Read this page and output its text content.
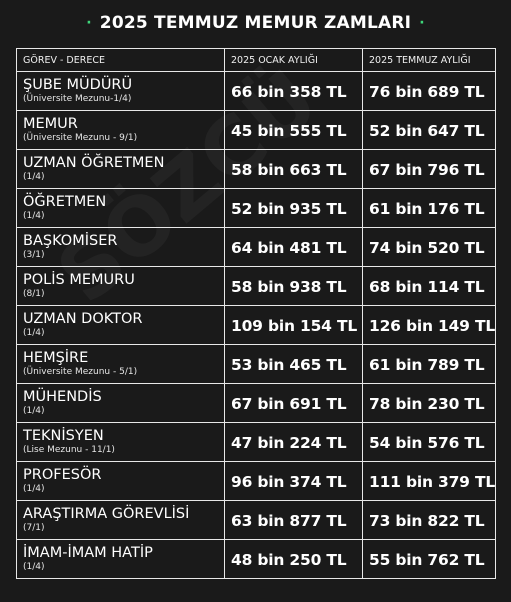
· 2025 TEMMUZ MEMUR ZAMLARI ·
GÖREV - DERECE	2025 OCAK AYLIĞI	2025 TEMMUZ AYLIĞI

ŞUBE MÜDÜRÜ
(Üniversite Mezunu-1/4)	66 bin 358 TL	76 bin 689 TL

MEMUR
(Üniversite Mezunu - 9/1)	45 bin 555 TL	52 bin 647 TL

UZMAN ÖĞRETMEN
(1/4)	58 bin 663 TL	67 bin 796 TL

ÖĞRETMEN
(1/4)	52 bin 935 TL	61 bin 176 TL

BAŞKOMİSER
(3/1)	64 bin 481 TL	74 bin 520 TL

POLİS MEMURU
(8/1)	58 bin 938 TL	68 bin 114 TL

UZMAN DOKTOR
(1/4)	109 bin 154 TL	126 bin 149 TL

HEMŞİRE
(Üniversite Mezunu - 5/1)	53 bin 465 TL	61 bin 789 TL

MÜHENDİS
(1/4)	67 bin 691 TL	78 bin 230 TL

TEKNİSYEN
(Lise Mezunu - 11/1)	47 bin 224 TL	54 bin 576 TL

PROFESÖR
(1/4)	96 bin 374 TL	111 bin 379 TL

ARAŞTIRMA GÖREVLİSİ
(7/1)	63 bin 877 TL	73 bin 822 TL

İMAM-İMAM HATİP
(1/4)	48 bin 250 TL	55 bin 762 TL
